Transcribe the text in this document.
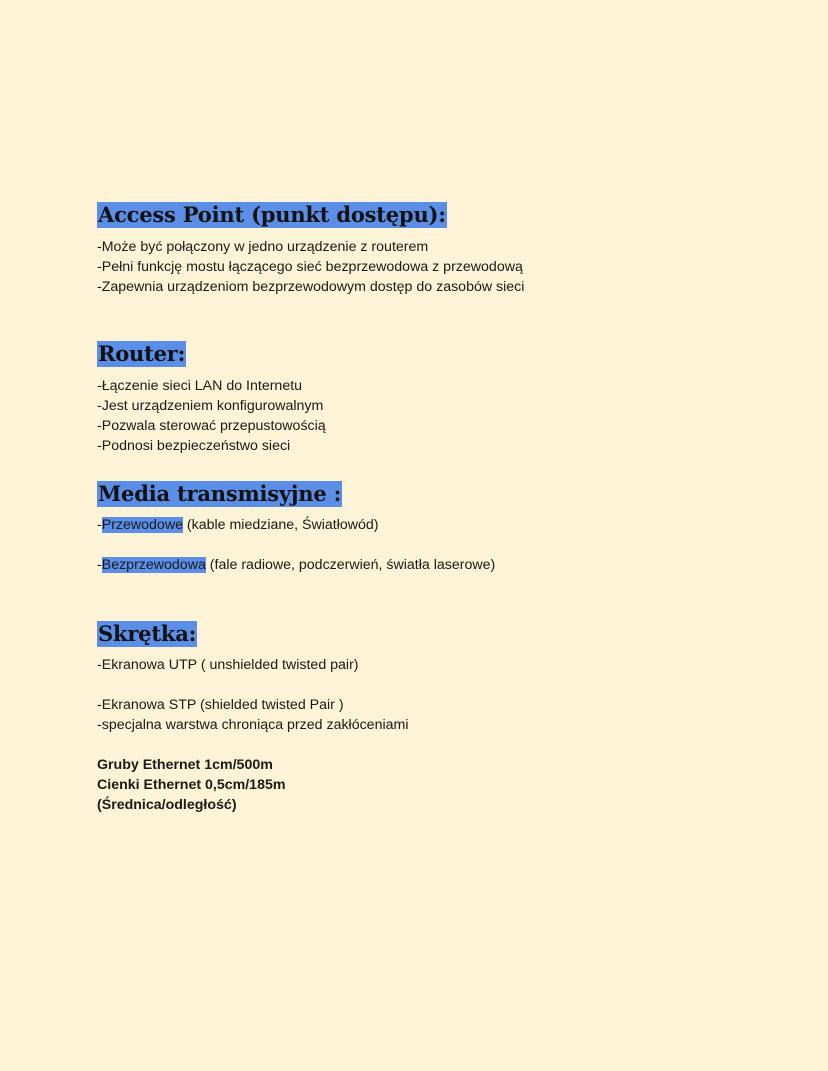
Access Point (punkt dostępu):
-Może być połączony w jedno urządzenie z routerem
-Pełni funkcję mostu łączącego sieć bezprzewodowa z przewodową
-Zapewnia urządzeniom bezprzewodowym dostęp do zasobów sieci
Router:
-Łączenie sieci LAN do Internetu
-Jest urządzeniem konfigurowalnym
-Pozwala sterować przepustowością
-Podnosi bezpieczeństwo sieci
Media transmisyjne :
-Przewodowe (kable miedziane, Światłowód)
-Bezprzewodowa (fale radiowe, podczerwień, światła laserowe)
Skrętka:
-Ekranowa UTP ( unshielded twisted pair)
-Ekranowa STP (shielded twisted Pair )
-specjalna warstwa chroniąca przed zakłóceniami
Gruby Ethernet 1cm/500m
Cienki Ethernet 0,5cm/185m
(Średnica/odległość)
